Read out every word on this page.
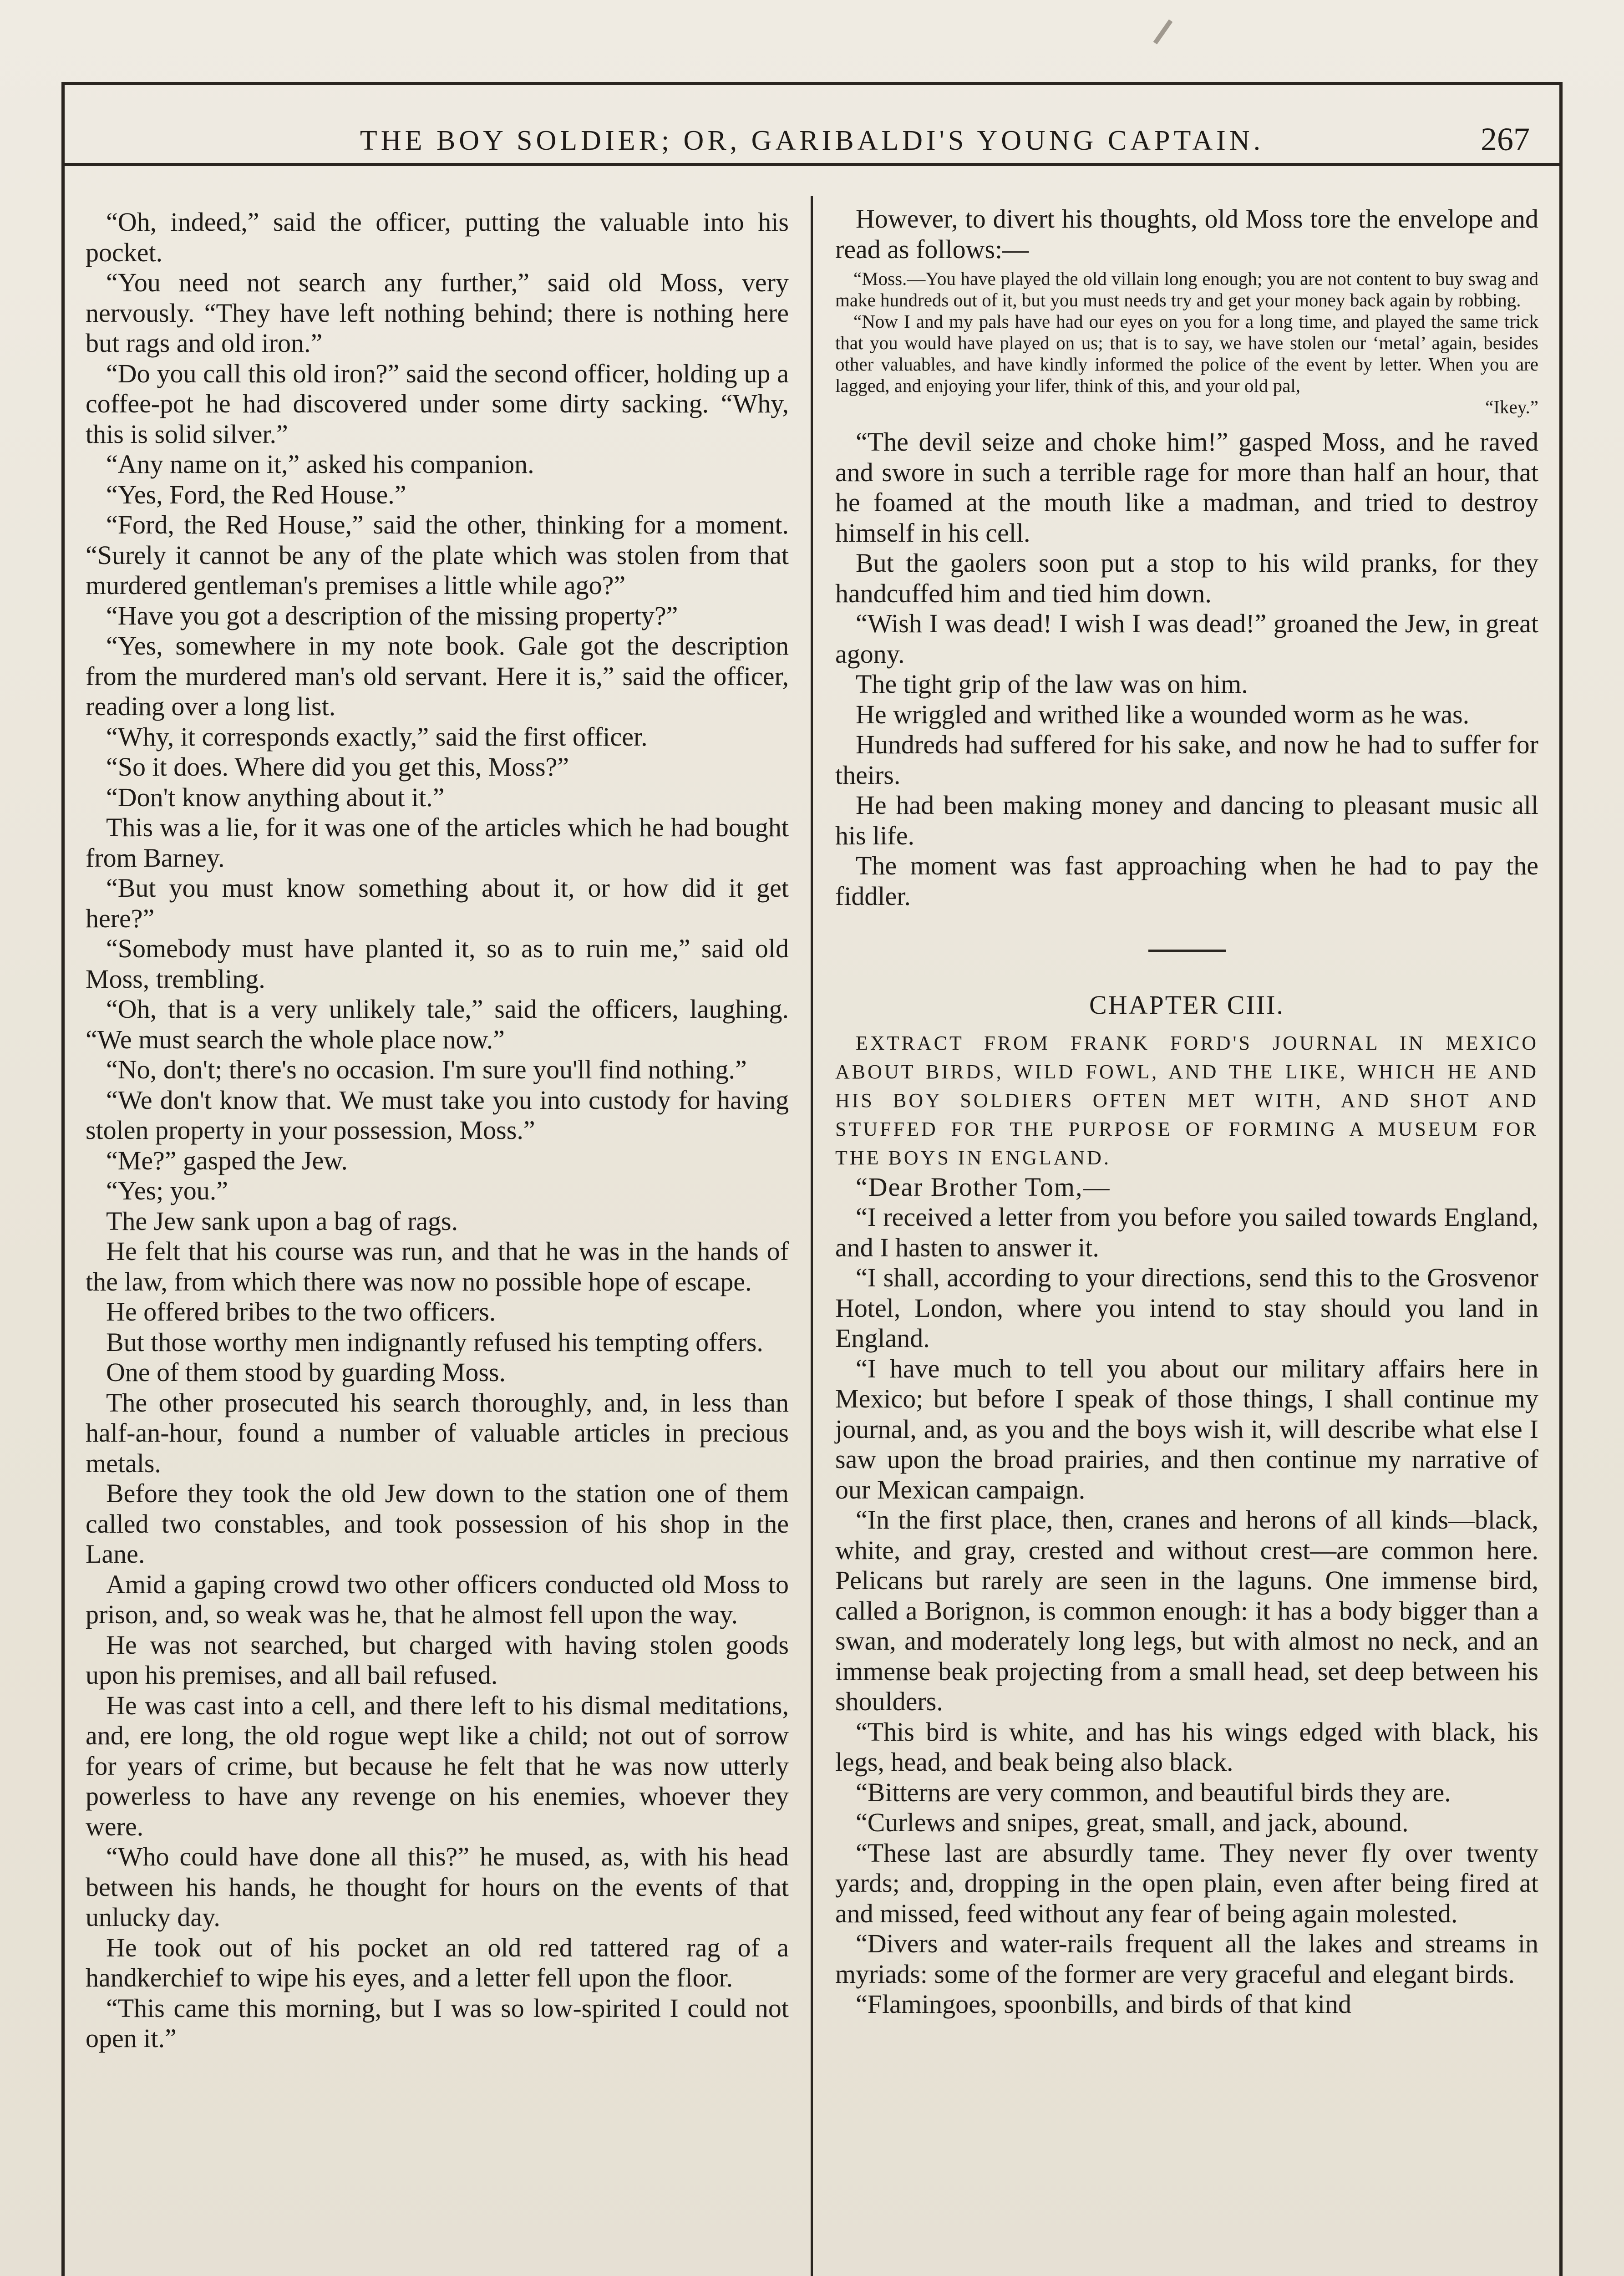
THE BOY SOLDIER; OR, GARIBALDI'S YOUNG CAPTAIN.	267

“Oh, indeed,” said the officer, putting the valuable into his pocket.

“You need not search any further,” said old Moss, very nervously. “They have left nothing behind; there is nothing here but rags and old iron.”

“Do you call this old iron?” said the second officer, holding up a coffee-pot he had discovered under some dirty sacking. “Why, this is solid silver.”

“Any name on it,” asked his companion.

“Yes, Ford, the Red House.”

“Ford, the Red House,” said the other, thinking for a moment. “Surely it cannot be any of the plate which was stolen from that murdered gentleman's premises a little while ago?”

“Have you got a description of the missing property?”

“Yes, somewhere in my note book. Gale got the description from the murdered man's old servant. Here it is,” said the officer, reading over a long list.

“Why, it corresponds exactly,” said the first officer.

“So it does. Where did you get this, Moss?”

“Don't know anything about it.”

This was a lie, for it was one of the articles which he had bought from Barney.

“But you must know something about it, or how did it get here?”

“Somebody must have planted it, so as to ruin me,” said old Moss, trembling.

“Oh, that is a very unlikely tale,” said the officers, laughing. “We must search the whole place now.”

“No, don't; there's no occasion. I'm sure you'll find nothing.”

“We don't know that. We must take you into custody for having stolen property in your possession, Moss.”

“Me?” gasped the Jew.

“Yes; you.”

The Jew sank upon a bag of rags.

He felt that his course was run, and that he was in the hands of the law, from which there was now no possible hope of escape.

He offered bribes to the two officers.

But those worthy men indignantly refused his tempting offers.

One of them stood by guarding Moss.

The other prosecuted his search thoroughly, and, in less than half-an-hour, found a number of valuable articles in precious metals.

Before they took the old Jew down to the station one of them called two constables, and took possession of his shop in the Lane.

Amid a gaping crowd two other officers conducted old Moss to prison, and, so weak was he, that he almost fell upon the way.

He was not searched, but charged with having stolen goods upon his premises, and all bail refused.

He was cast into a cell, and there left to his dismal meditations, and, ere long, the old rogue wept like a child; not out of sorrow for years of crime, but because he felt that he was now utterly powerless to have any revenge on his enemies, whoever they were.

“Who could have done all this?” he mused, as, with his head between his hands, he thought for hours on the events of that unlucky day.

He took out of his pocket an old red tattered rag of a handkerchief to wipe his eyes, and a letter fell upon the floor.

“This came this morning, but I was so low-spirited I could not open it.”

However, to divert his thoughts, old Moss tore the envelope and read as follows:—

“Moss.—You have played the old villain long enough; you are not content to buy swag and make hundreds out of it, but you must needs try and get your money back again by robbing.

“Now I and my pals have had our eyes on you for a long time, and played the same trick that you would have played on us; that is to say, we have stolen our ‘metal’ again, besides other valuables, and have kindly informed the police of the event by letter. When you are lagged, and enjoying your lifer, think of this, and your old pal,

“Ikey.”

“The devil seize and choke him!” gasped Moss, and he raved and swore in such a terrible rage for more than half an hour, that he foamed at the mouth like a madman, and tried to destroy himself in his cell.

But the gaolers soon put a stop to his wild pranks, for they handcuffed him and tied him down.

“Wish I was dead! I wish I was dead!” groaned the Jew, in great agony.

The tight grip of the law was on him.

He wriggled and writhed like a wounded worm as he was.

Hundreds had suffered for his sake, and now he had to suffer for theirs.

He had been making money and dancing to pleasant music all his life.

The moment was fast approaching when he had to pay the fiddler.

CHAPTER CIII.

EXTRACT FROM FRANK FORD'S JOURNAL IN MEXICO ABOUT BIRDS, WILD FOWL, AND THE LIKE, WHICH HE AND HIS BOY SOLDIERS OFTEN MET WITH, AND SHOT AND STUFFED FOR THE PURPOSE OF FORMING A MUSEUM FOR THE BOYS IN ENGLAND.

“Dear Brother Tom,—

“I received a letter from you before you sailed towards England, and I hasten to answer it.

“I shall, according to your directions, send this to the Grosvenor Hotel, London, where you intend to stay should you land in England.

“I have much to tell you about our military affairs here in Mexico; but before I speak of those things, I shall continue my journal, and, as you and the boys wish it, will describe what else I saw upon the broad prairies, and then continue my narrative of our Mexican campaign.

“In the first place, then, cranes and herons of all kinds—black, white, and gray, crested and without crest—are common here. Pelicans but rarely are seen in the laguns. One immense bird, called a Borignon, is common enough: it has a body bigger than a swan, and moderately long legs, but with almost no neck, and an immense beak projecting from a small head, set deep between his shoulders.

“This bird is white, and has his wings edged with black, his legs, head, and beak being also black.

“Bitterns are very common, and beautiful birds they are.

“Curlews and snipes, great, small, and jack, abound.

“These last are absurdly tame. They never fly over twenty yards; and, dropping in the open plain, even after being fired at and missed, feed without any fear of being again molested.

“Divers and water-rails frequent all the lakes and streams in myriads: some of the former are very graceful and elegant birds.

“Flamingoes, spoonbills, and birds of that kind
